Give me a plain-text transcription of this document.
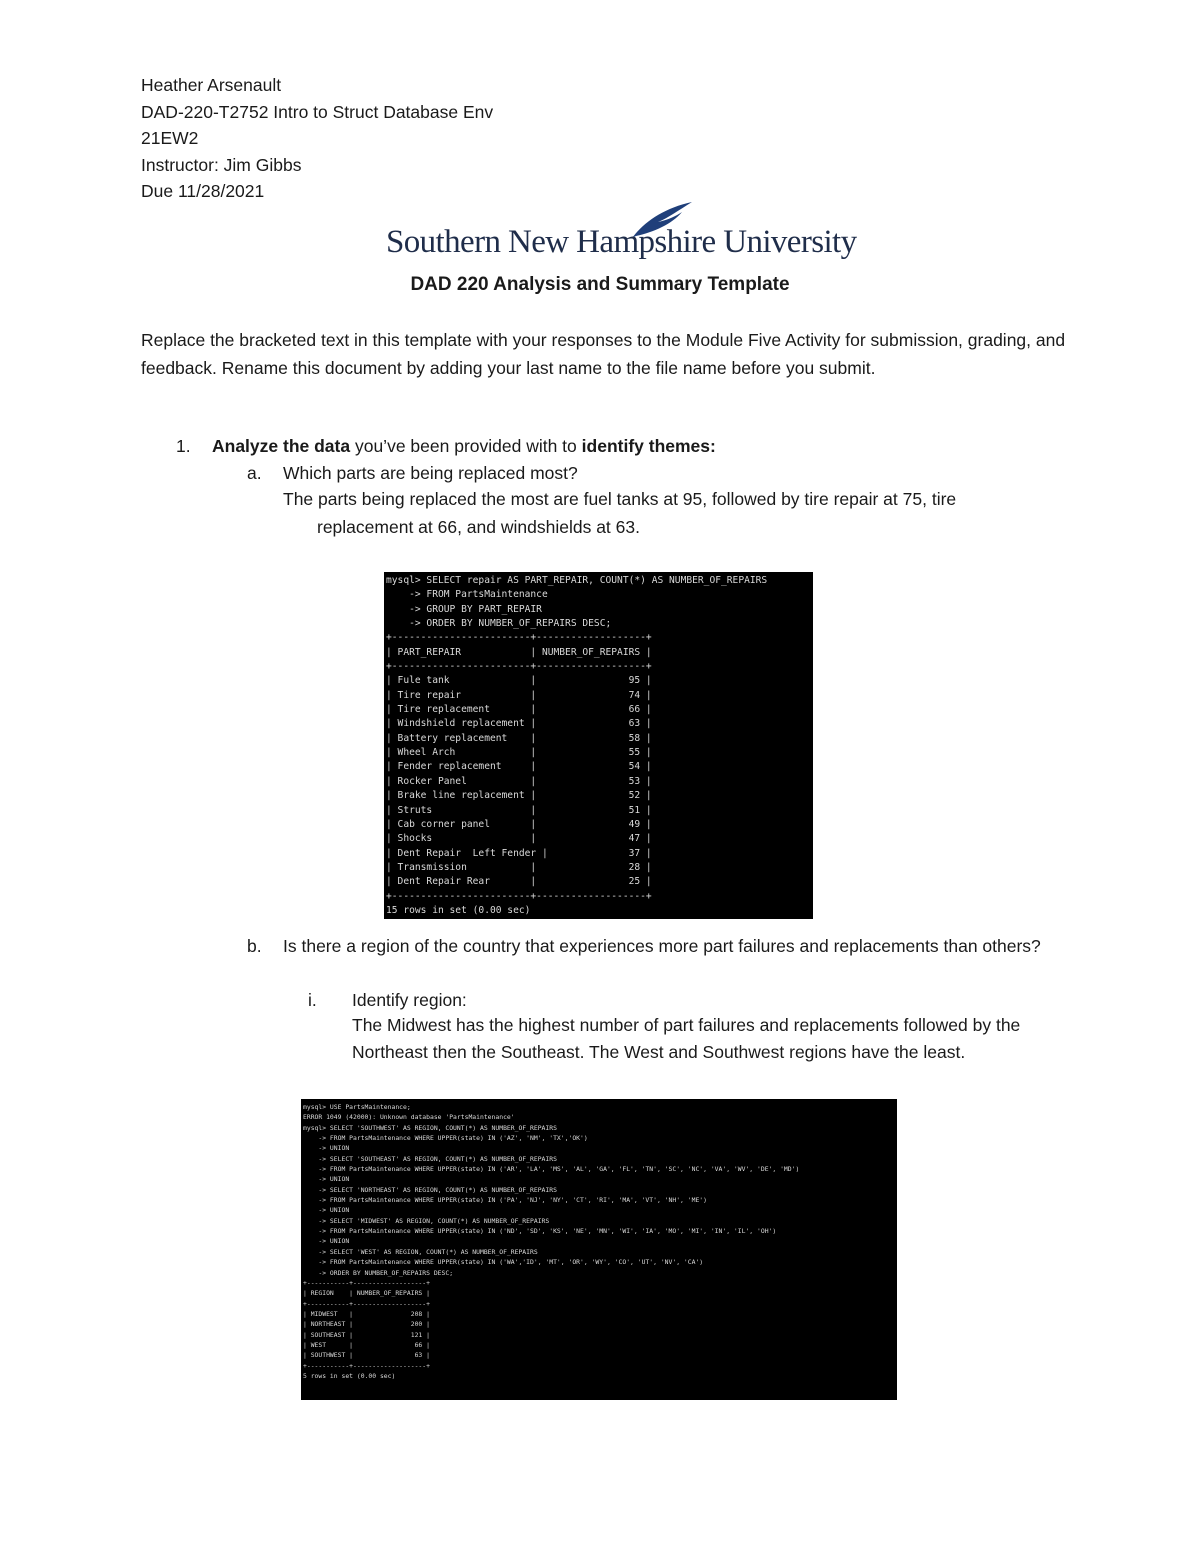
Heather Arsenault
DAD-220-T2752 Intro to Struct Database Env
21EW2
Instructor: Jim Gibbs
Due 11/28/2021
Southern New Hampshire University
DAD 220 Analysis and Summary Template
Replace the bracketed text in this template with your responses to the Module Five Activity for submission, grading, and feedback. Rename this document by adding your last name to the file name before you submit.
1. Analyze the data you’ve been provided with to identify themes:
a. Which parts are being replaced most?
The parts being replaced the most are fuel tanks at 95, followed by tire repair at 75, tire
replacement at 66, and windshields at 63.
mysql> SELECT repair AS PART_REPAIR, COUNT(*) AS NUMBER_OF_REPAIRS
-> FROM PartsMaintenance
-> GROUP BY PART_REPAIR
-> ORDER BY NUMBER_OF_REPAIRS DESC;
+------------------------+-------------------+
| PART_REPAIR            | NUMBER_OF_REPAIRS |
+------------------------+-------------------+
| Fule tank              |                95 |
| Tire repair            |                74 |
| Tire replacement       |                66 |
| Windshield replacement |                63 |
| Battery replacement    |                58 |
| Wheel Arch             |                55 |
| Fender replacement     |                54 |
| Rocker Panel           |                53 |
| Brake line replacement |                52 |
| Struts                 |                51 |
| Cab corner panel       |                49 |
| Shocks                 |                47 |
| Dent Repair  Left Fender |              37 |
| Transmission           |                28 |
| Dent Repair Rear       |                25 |
+------------------------+-------------------+
15 rows in set (0.00 sec)
b. Is there a region of the country that experiences more part failures and replacements than others?
i. Identify region:
The Midwest has the highest number of part failures and replacements followed by the Northeast then the Southeast. The West and Southwest regions have the least.
mysql> USE PartsMaintenance;
ERROR 1049 (42000): Unknown database 'PartsMaintenance'
mysql> SELECT 'SOUTHWEST' AS REGION, COUNT(*) AS NUMBER_OF_REPAIRS
-> FROM PartsMaintenance WHERE UPPER(state) IN ('AZ', 'NM', 'TX','OK')
-> UNION
-> SELECT 'SOUTHEAST' AS REGION, COUNT(*) AS NUMBER_OF_REPAIRS
-> FROM PartsMaintenance WHERE UPPER(state) IN ('AR', 'LA', 'MS', 'AL', 'GA', 'FL', 'TN', 'SC', 'NC', 'VA', 'WV', 'DE', 'MD')
-> UNION
-> SELECT 'NORTHEAST' AS REGION, COUNT(*) AS NUMBER_OF_REPAIRS
-> FROM PartsMaintenance WHERE UPPER(state) IN ('PA', 'NJ', 'NY', 'CT', 'RI', 'MA', 'VT', 'NH', 'ME')
-> UNION
-> SELECT 'MIDWEST' AS REGION, COUNT(*) AS NUMBER_OF_REPAIRS
-> FROM PartsMaintenance WHERE UPPER(state) IN ('ND', 'SD', 'KS', 'NE', 'MN', 'WI', 'IA', 'MO', 'MI', 'IN', 'IL', 'OH')
-> UNION
-> SELECT 'WEST' AS REGION, COUNT(*) AS NUMBER_OF_REPAIRS
-> FROM PartsMaintenance WHERE UPPER(state) IN ('WA','ID', 'MT', 'OR', 'WY', 'CO', 'UT', 'NV', 'CA')
-> ORDER BY NUMBER_OF_REPAIRS DESC;
+-----------+-------------------+
| REGION    | NUMBER_OF_REPAIRS |
+-----------+-------------------+
| MIDWEST   |               208 |
| NORTHEAST |               200 |
| SOUTHEAST |               121 |
| WEST      |                66 |
| SOUTHWEST |                63 |
+-----------+-------------------+
5 rows in set (0.00 sec)
